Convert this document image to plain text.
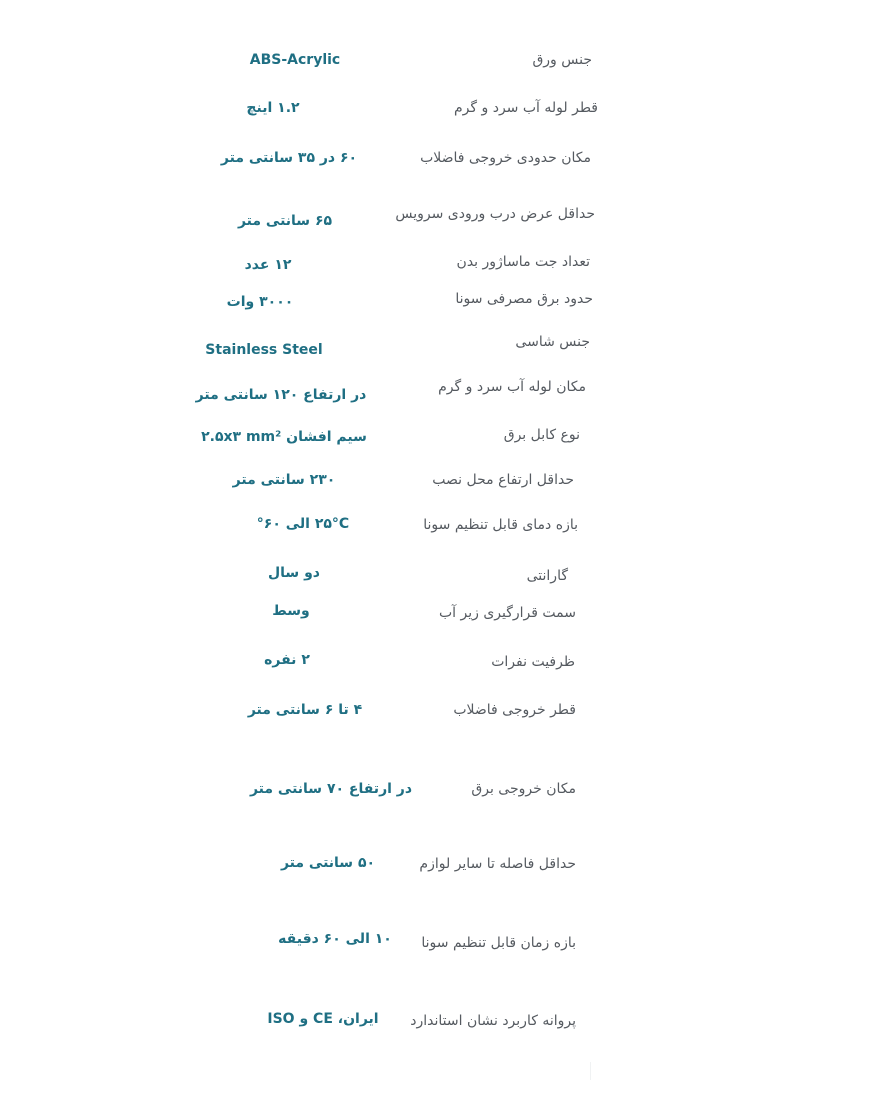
جنس ورق
ABS-Acrylic
قطر لوله آب سرد و گرم
۱.۲ اینچ
مکان حدودی خروجی فاضلاب
۶۰ در ۳۵ سانتی متر
حداقل عرض درب ورودی سرویس
۶۵ سانتی متر
تعداد جت ماساژور بدن
۱۲ عدد
حدود برق مصرفی سونا
۳۰۰۰ وات
جنس شاسی
Stainless Steel
مکان لوله آب سرد و گرم
در ارتفاع ۱۲۰ سانتی متر
نوع کابل برق
سیم افشان ۲.۵x۳ mm²
حداقل ارتفاع محل نصب
۲۳۰ سانتی متر
بازه دمای قابل تنظیم سونا
۲۵°C الی ۶۰°
گارانتی
دو سال
سمت قرارگیری زیر آب
وسط
ظرفیت نفرات
۲ نفره
قطر خروجی فاضلاب
۴ تا ۶ سانتی متر
مکان خروجی برق
در ارتفاع ۷۰ سانتی متر
حداقل فاصله تا سایر لوازم
۵۰ سانتی متر
بازه زمان قابل تنظیم سونا
۱۰ الی ۶۰ دقیقه
پروانه کاربرد نشان استاندارد
ایران، CE و ISO
